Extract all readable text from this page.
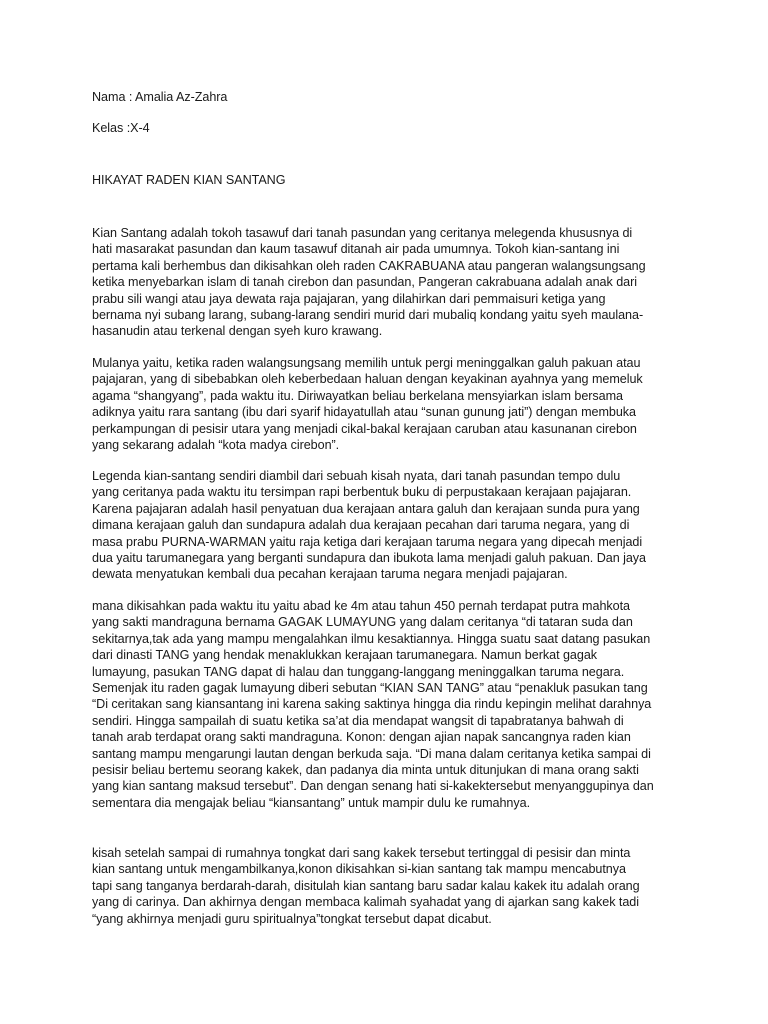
Nama : Amalia Az-Zahra
Kelas :X-4
HIKAYAT RADEN KIAN SANTANG
Kian Santang adalah tokoh tasawuf dari tanah pasundan yang ceritanya melegenda khususnya di
hati masarakat pasundan dan kaum tasawuf ditanah air pada umumnya. Tokoh kian-santang ini
pertama kali berhembus dan dikisahkan oleh raden CAKRABUANA atau pangeran walangsungsang
ketika menyebarkan islam di tanah cirebon dan pasundan, Pangeran cakrabuana adalah anak dari
prabu sili wangi atau jaya dewata raja pajajaran, yang dilahirkan dari pemmaisuri ketiga yang
bernama nyi subang larang, subang-larang sendiri murid dari mubaliq kondang yaitu syeh maulana-
hasanudin atau terkenal dengan syeh kuro krawang.
Mulanya yaitu, ketika raden walangsungsang memilih untuk pergi meninggalkan galuh pakuan atau
pajajaran, yang di sibebabkan oleh keberbedaan haluan dengan keyakinan ayahnya yang memeluk
agama “shangyang”, pada waktu itu. Diriwayatkan beliau berkelana mensyiarkan islam bersama
adiknya yaitu rara santang (ibu dari syarif hidayatullah atau “sunan gunung jati”) dengan membuka
perkampungan di pesisir utara yang menjadi cikal-bakal kerajaan caruban atau kasunanan cirebon
yang sekarang adalah “kota madya cirebon”.
Legenda kian-santang sendiri diambil dari sebuah kisah nyata, dari tanah pasundan tempo dulu
yang ceritanya pada waktu itu tersimpan rapi berbentuk buku di perpustakaan kerajaan pajajaran.
Karena pajajaran adalah hasil penyatuan dua kerajaan antara galuh dan kerajaan sunda pura yang
dimana kerajaan galuh dan sundapura adalah dua kerajaan pecahan dari taruma negara, yang di
masa prabu PURNA-WARMAN yaitu raja ketiga dari kerajaan taruma negara yang dipecah menjadi
dua yaitu tarumanegara yang berganti sundapura dan ibukota lama menjadi galuh pakuan. Dan jaya
dewata menyatukan kembali dua pecahan kerajaan taruma negara menjadi pajajaran.
mana dikisahkan pada waktu itu yaitu abad ke 4m atau tahun 450 pernah terdapat putra mahkota
yang sakti mandraguna bernama GAGAK LUMAYUNG yang dalam ceritanya “di tataran suda dan
sekitarnya,tak ada yang mampu mengalahkan ilmu kesaktiannya. Hingga suatu saat datang pasukan
dari dinasti TANG yang hendak menaklukkan kerajaan tarumanegara. Namun berkat gagak
lumayung, pasukan TANG dapat di halau dan tunggang-langgang meninggalkan taruma negara.
Semenjak itu raden gagak lumayung diberi sebutan “KIAN SAN TANG” atau “penakluk pasukan tang
“Di ceritakan sang kiansantang ini karena saking saktinya hingga dia rindu kepingin melihat darahnya
sendiri. Hingga sampailah di suatu ketika sa’at dia mendapat wangsit di tapabratanya bahwah di
tanah arab terdapat orang sakti mandraguna. Konon: dengan ajian napak sancangnya raden kian
santang mampu mengarungi lautan dengan berkuda saja. “Di mana dalam ceritanya ketika sampai di
pesisir beliau bertemu seorang kakek, dan padanya dia minta untuk ditunjukan di mana orang sakti
yang kian santang maksud tersebut”. Dan dengan senang hati si-kakektersebut menyanggupinya dan
sementara dia mengajak beliau “kiansantang” untuk mampir dulu ke rumahnya.
kisah setelah sampai di rumahnya tongkat dari sang kakek tersebut tertinggal di pesisir dan minta
kian santang untuk mengambilkanya,konon dikisahkan si-kian santang tak mampu mencabutnya
tapi sang tanganya berdarah-darah, disitulah kian santang baru sadar kalau kakek itu adalah orang
yang di carinya. Dan akhirnya dengan membaca kalimah syahadat yang di ajarkan sang kakek tadi
“yang akhirnya menjadi guru spiritualnya”tongkat tersebut dapat dicabut.
